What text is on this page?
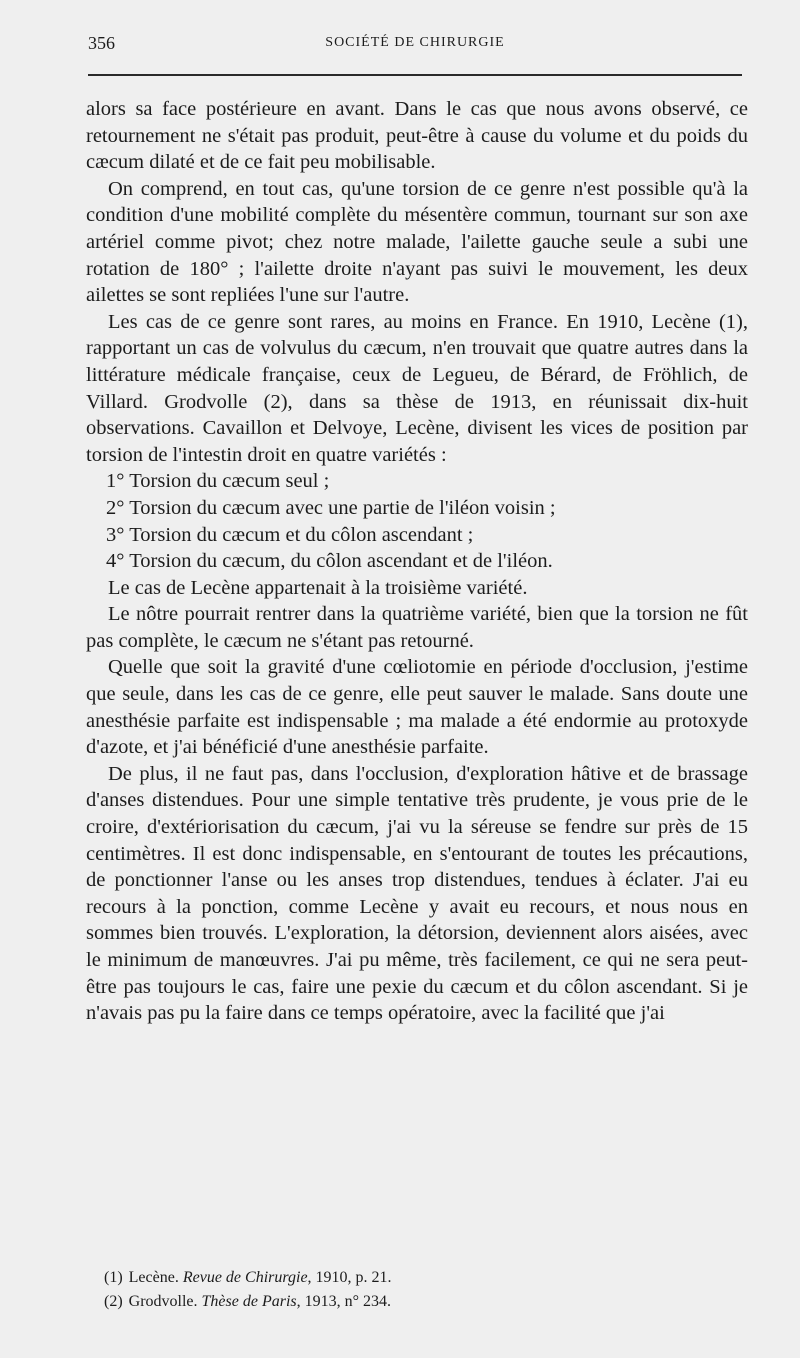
356	SOCIÉTÉ DE CHIRURGIE

alors sa face postérieure en avant. Dans le cas que nous avons observé, ce retournement ne s'était pas produit, peut-être à cause du volume et du poids du cæcum dilaté et de ce fait peu mobilisable.

On comprend, en tout cas, qu'une torsion de ce genre n'est possible qu'à la condition d'une mobilité complète du mésentère commun, tournant sur son axe artériel comme pivot; chez notre malade, l'ailette gauche seule a subi une rotation de 180° ; l'ailette droite n'ayant pas suivi le mouvement, les deux ailettes se sont repliées l'une sur l'autre.

Les cas de ce genre sont rares, au moins en France. En 1910, Lecène (1), rapportant un cas de volvulus du cæcum, n'en trouvait que quatre autres dans la littérature médicale française, ceux de Legueu, de Bérard, de Fröhlich, de Villard. Grodvolle (2), dans sa thèse de 1913, en réunissait dix-huit observations. Cavaillon et Delvoye, Lecène, divisent les vices de position par torsion de l'intestin droit en quatre variétés :

1° Torsion du cæcum seul ;

2° Torsion du cæcum avec une partie de l'iléon voisin ;

3° Torsion du cæcum et du côlon ascendant ;

4° Torsion du cæcum, du côlon ascendant et de l'iléon.

Le cas de Lecène appartenait à la troisième variété.

Le nôtre pourrait rentrer dans la quatrième variété, bien que la torsion ne fût pas complète, le cæcum ne s'étant pas retourné.

Quelle que soit la gravité d'une cœliotomie en période d'occlusion, j'estime que seule, dans les cas de ce genre, elle peut sauver le malade. Sans doute une anesthésie parfaite est indispensable ; ma malade a été endormie au protoxyde d'azote, et j'ai bénéficié d'une anesthésie parfaite.

De plus, il ne faut pas, dans l'occlusion, d'exploration hâtive et de brassage d'anses distendues. Pour une simple tentative très prudente, je vous prie de le croire, d'extériorisation du cæcum, j'ai vu la séreuse se fendre sur près de 15 centimètres. Il est donc indispensable, en s'entourant de toutes les précautions, de ponctionner l'anse ou les anses trop distendues, tendues à éclater. J'ai eu recours à la ponction, comme Lecène y avait eu recours, et nous nous en sommes bien trouvés. L'exploration, la détorsion, deviennent alors aisées, avec le minimum de manœuvres. J'ai pu même, très facilement, ce qui ne sera peut-être pas toujours le cas, faire une pexie du cæcum et du côlon ascendant. Si je n'avais pas pu la faire dans ce temps opératoire, avec la facilité que j'ai

(1) Lecène. Revue de Chirurgie, 1910, p. 21.

(2) Grodvolle. Thèse de Paris, 1913, n° 234.
